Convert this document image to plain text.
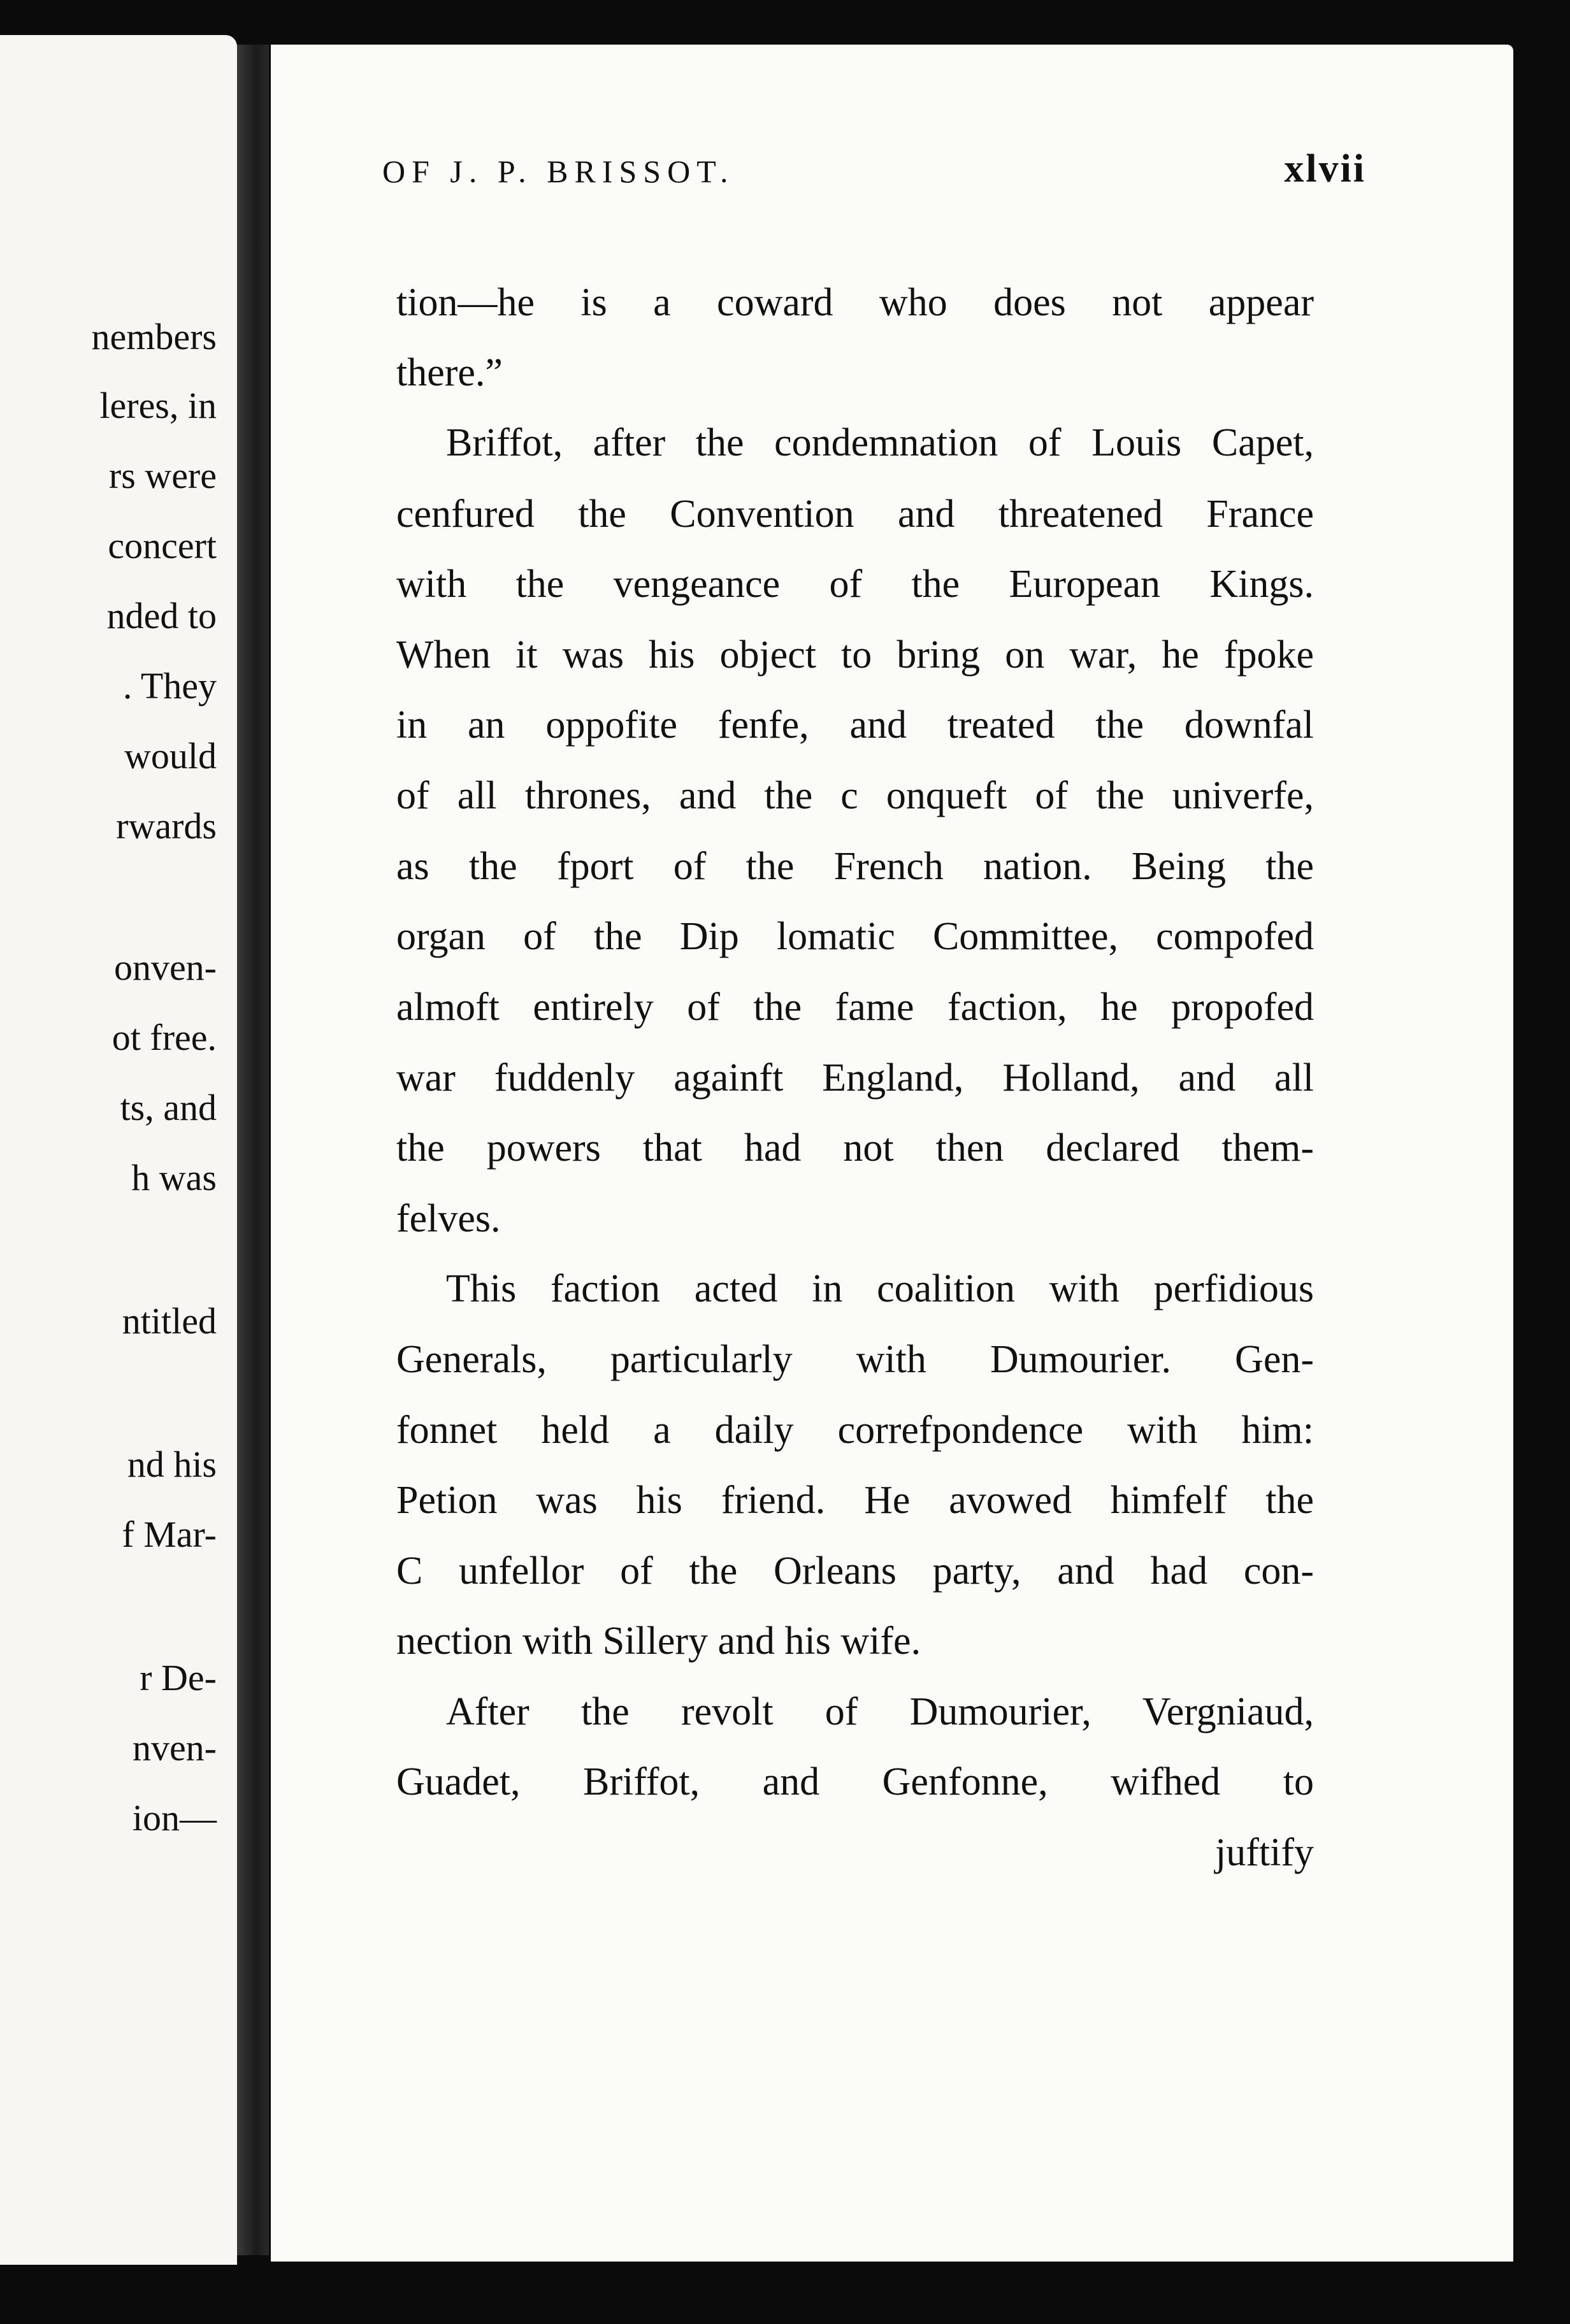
nembers

leres, in

rs were

concert

nded to

. They

would

rwards

onven-

ot free.

ts, and

h was

ntitled

nd his

f Mar-

r De-

nven-

ion—

OF J. P. BRISSOT.	xlvii

tion—he is a coward who does not appear

there.”

Briffot, after the condemnation of Louis Capet,

cenfured the Convention and threatened France

with the vengeance of the European Kings.

When it was his object to bring on war, he fpoke

in an oppofite fenfe, and treated the downfal

of all thrones, and the c onqueft of the univerfe,

as the fport of the French nation. Being the

organ of the Dip lomatic Committee, compofed

almoft entirely of the fame faction, he propofed

war fuddenly againft England, Holland, and all

the powers that had not then declared them-

felves.

This faction acted in coalition with perfidious

Generals, particularly with Dumourier. Gen-

fonnet held a daily correfpondence with him:

Petion was his friend. He avowed himfelf the

C unfellor of the Orleans party, and had con-

nection with Sillery and his wife.

After the revolt of Dumourier, Vergniaud,

Guadet, Briffot, and Genfonne, wifhed to

juftify
